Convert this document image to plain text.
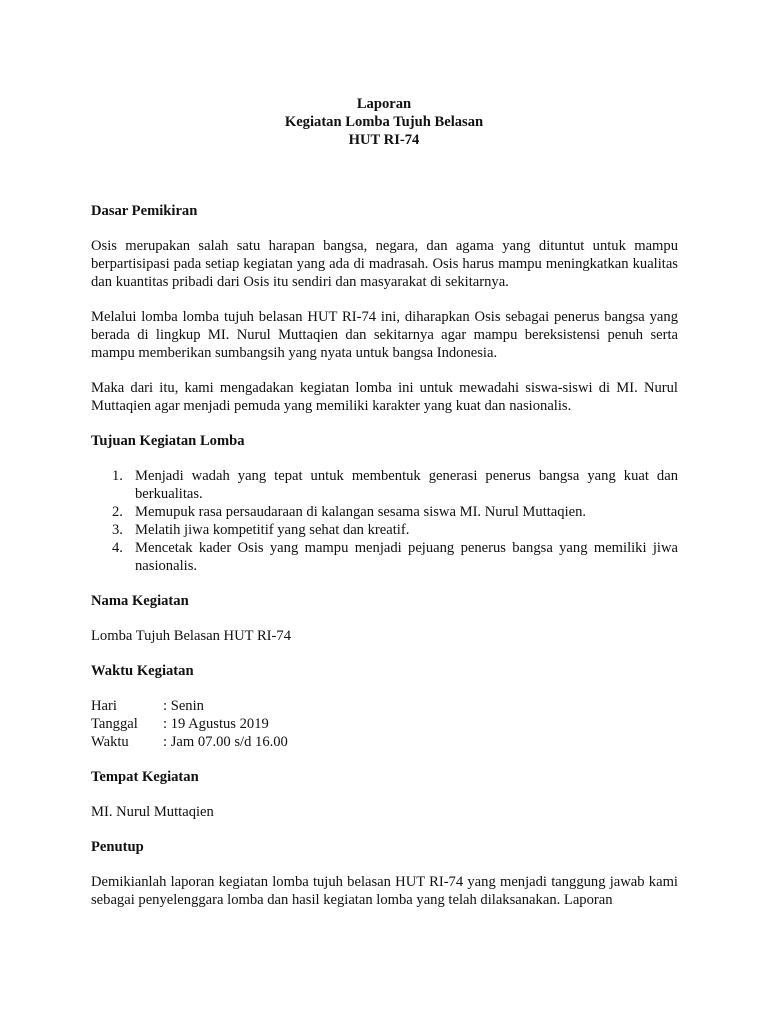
Laporan
Kegiatan Lomba Tujuh Belasan
HUT RI-74
Dasar Pemikiran

Osis merupakan salah satu harapan bangsa, negara, dan agama yang dituntut untuk mampu berpartisipasi pada setiap kegiatan yang ada di madrasah. Osis harus mampu meningkatkan kualitas dan kuantitas pribadi dari Osis itu sendiri dan masyarakat di sekitarnya.

Melalui lomba lomba tujuh belasan HUT RI-74 ini, diharapkan Osis sebagai penerus bangsa yang berada di lingkup MI. Nurul Muttaqien dan sekitarnya agar mampu bereksistensi penuh serta mampu memberikan sumbangsih yang nyata untuk bangsa Indonesia.

Maka dari itu, kami mengadakan kegiatan lomba ini untuk mewadahi siswa-siswi di MI. Nurul Muttaqien agar menjadi pemuda yang memiliki karakter yang kuat dan nasionalis.

Tujuan Kegiatan Lomba
1. Menjadi wadah yang tepat untuk membentuk generasi penerus bangsa yang kuat dan berkualitas.
2. Memupuk rasa persaudaraan di kalangan sesama siswa MI. Nurul Muttaqien.
3. Melatih jiwa kompetitif yang sehat dan kreatif.
4. Mencetak kader Osis yang mampu menjadi pejuang penerus bangsa yang memiliki jiwa nasionalis.
Nama Kegiatan

Lomba Tujuh Belasan HUT RI-74

Waktu Kegiatan
Hari	: Senin
Tanggal	: 19 Agustus 2019
Waktu	: Jam 07.00 s/d 16.00
Tempat Kegiatan

MI. Nurul Muttaqien

Penutup

Demikianlah laporan kegiatan lomba tujuh belasan HUT RI-74 yang menjadi tanggung jawab kami sebagai penyelenggara lomba dan hasil kegiatan lomba yang telah dilaksanakan. Laporan
